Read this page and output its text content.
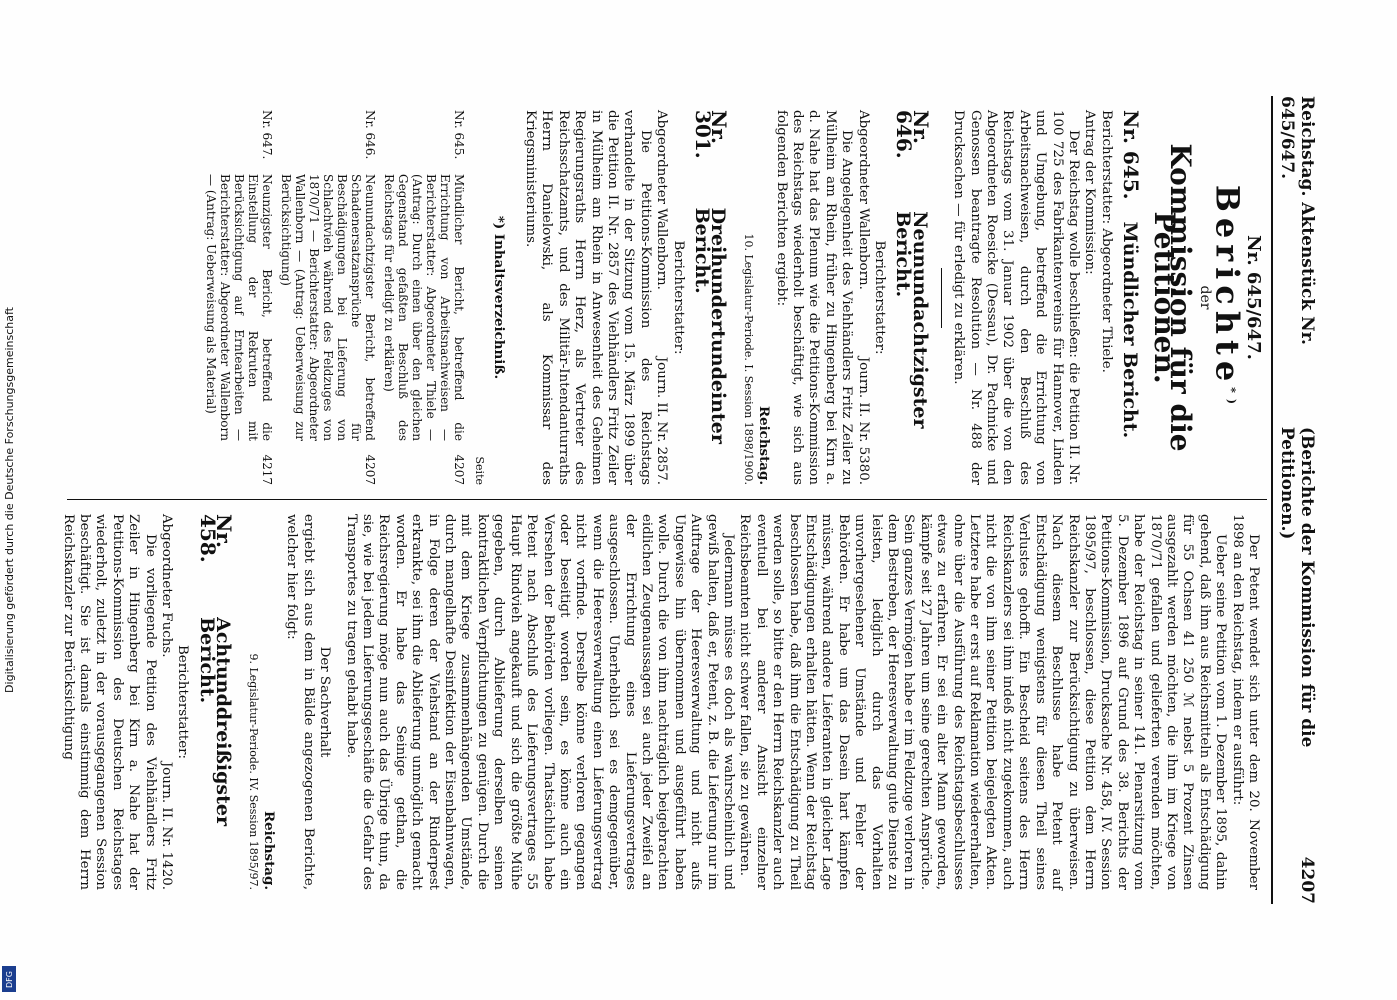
Digitalisierung gefördert durch die Deutsche Forschungsgemeinschaft
DFG
Reichstag. Aktenstück Nr. 645/647.
(Berichte der Kommission für die Petitionen.)
4207
Nr. 645/647.
Berichte*)
der
Kommission für die Petitionen.
Nr. 645.
Mündlicher Bericht.
Berichterstatter: Abgeordneter Thiele.
Antrag der Kommission:
Der Reichstag wolle beschließen: die Petition II. Nr. 100 725 des Fabrikantenvereins für Hannover, Linden und Umgebung, betreffend die Errichtung von Arbeitsnachweisen, durch den Beschluß des Reichstags vom 31. Januar 1902 über die von den Abgeordneten Roesicke (Dessau), Dr. Pachnicke und Genossen beantragte Resolution — Nr. 488 der Drucksachen — für erledigt zu erklären.
Nr. 646.
Neunundachtzigster Bericht.
Berichterstatter:
Abgeordneter Wallenborn.
Journ. II. Nr. 5380.
Die Angelegenheit des Viehhändlers Fritz Zeiler zu Mülheim am Rhein, früher zu Hingenberg bei Kirn a. d. Nahe hat das Plenum wie die Petitions-Kommission des Reichstags wiederholt beschäftigt, wie sich aus folgenden Berichten ergiebt:
Reichstag.
10. Legislatur-Periode. I. Session 1898/1900.
Nr. 301.
Dreihundertundeinter Bericht.
Berichterstatter:
Abgeordneter Wallenborn.
Journ. II. Nr. 2857.
Die Petitions-Kommission des Reichstags verhandelte in der Sitzung vom 15. März 1899 über die Petition II. Nr. 2857 des Viehhändlers Fritz Zeiler in Mülheim am Rhein in Anwesenheit des Geheimen Regierungsraths Herrn Herz, als Vertreter des Reichsschatzamts, und des Militär-Intendanturraths Herrn Danielowski, als Kommissar des Kriegsministeriums.
*) Inhaltsverzeichniß.
Seite
Nr. 645.
Mündlicher Bericht, betreffend die Errichtung von Arbeitsnachweisen — Berichterstatter: Abgeordneter Thiele — (Antrag: Durch einen über den gleichen Gegenstand gefaßten Beschluß des Reichstags für erledigt zu erklären)
4207
Nr. 646.
Neunundachtzigster Bericht, betreffend Schadenersatzansprüche für Beschädigungen bei Lieferung von Schlachtvieh während des Feldzuges von 1870/71 — Berichterstatter: Abgeordneter Wallenborn — (Antrag: Ueberweisung zur Berücksichtigung)
4207
Nr. 647.
Neunzigster Bericht, betreffend die Einstellung der Rekruten mit Berücksichtigung auf Erntearbeiten — Berichterstatter: Abgeordneter Wallenborn — (Antrag: Ueberweisung als Material)
4217
Der Petent wendet sich unter dem 20. November 1898 an den Reichstag, indem er ausführt:
Ueber seine Petition vom 1. Dezember 1895, dahin gehend, daß ihm aus Reichsmitteln als Entschädigung für 55 Ochsen 41 250 ℳ nebst 5 Prozent Zinsen ausgezahlt werden möchten, die ihm im Kriege von 1870/71 gefallen und gelieferten verenden möchten, habe der Reichstag in seiner 141. Plenarsitzung vom 5. Dezember 1896 auf Grund des 38. Berichts der Petitions-Kommission, Drucksache Nr. 458, IV. Session 1895/97, beschlossen, diese Petition dem Herrn Reichskanzler zur Berücksichtigung zu überweisen. Nach diesem Beschlusse habe Petent auf Entschädigung wenigstens für diesen Theil seines Verlustes gehofft. Ein Bescheid seitens des Herrn Reichskanzlers sei ihm indeß nicht zugekommen, auch nicht die von ihm seiner Petition beigelegten Akten. Letztere habe er erst auf Reklamation wiedererhalten, ohne über die Ausführung des Reichstagsbeschlusses etwas zu erfahren. Er sei ein alter Mann geworden, kämpfe seit 27 Jahren um seine gerechten Ansprüche. Sein ganzes Vermögen habe er im Feldzuge verloren in dem Bestreben, der Heeresverwaltung gute Dienste zu leisten, lediglich durch das Vorhalten unvorhergesehener Umstände und Fehler der Behörden. Er habe um das Dasein hart kämpfen müssen, während andere Lieferanten in gleicher Lage Entschädigungen erhalten hätten. Wenn der Reichstag beschlossen habe, daß ihm die Entschädigung zu Theil werden solle, so bitte er den Herrn Reichskanzler auch eventuell bei anderer Ansicht einzelner Reichsbeamten nicht schwer fallen, sie zu gewähren.
Jedermann müsse es doch als wahrscheinlich und gewiß halten, daß er, Petent, z. B. die Lieferung nur im Auftrage der Heeresverwaltung und nicht aufs Ungewisse hin übernommen und ausgeführt haben wolle. Durch die von ihm nachträglich beigebrachten eidlichen Zeugenaussagen sei auch jeder Zweifel an der Errichtung eines Lieferungsvertrages ausgeschlossen. Unerheblich sei es demgegenüber, wenn die Heeresverwaltung einen Lieferungsvertrag nicht vorfinde. Derselbe könne verloren gegangen oder beseitigt worden sein, es könne auch ein Versehen der Behörden vorliegen. Thatsächlich habe Petent nach Abschluß des Lieferungsvertrages 55 Haupt Rindvieh angekauft und sich die größte Mühe gegeben, durch Ablieferung derselben seinen kontraktlichen Verpflichtungen zu genügen. Durch die mit dem Kriege zusammenhängenden Umstände, durch mangelhafte Desinfektion der Eisenbahnwagen, in Folge deren der Viehstand an der Rinderpest erkrankte, sei ihm die Ablieferung unmöglich gemacht worden. Er habe das Seinige gethan, die Reichsregierung möge nun auch das Übrige thun, da sie, wie bei jedem Lieferungsgeschäfte die Gefahr des Transportes zu tragen gehabt habe.
Der Sachverhalt
ergiebt sich aus dem in Bälde angezogenen Berichte, welcher hier folgt:
Reichstag.
9. Legislatur-Periode. IV. Session 1895/97.
Nr. 458.
Achtunddreißigster Bericht.
Berichterstatter:
Abgeordneter Fuchs.
Journ. II. Nr. 1420.
Die vorliegende Petition des Viehhändlers Fritz Zeiler in Hingenberg bei Kirn a. Nahe hat der Petitions-Kommission des Deutschen Reichstages wiederholt, zuletzt in der vorausgegangenen Session beschäftigt. Sie ist damals einstimmig dem Herrn Reichskanzler zur Berücksichtigung
